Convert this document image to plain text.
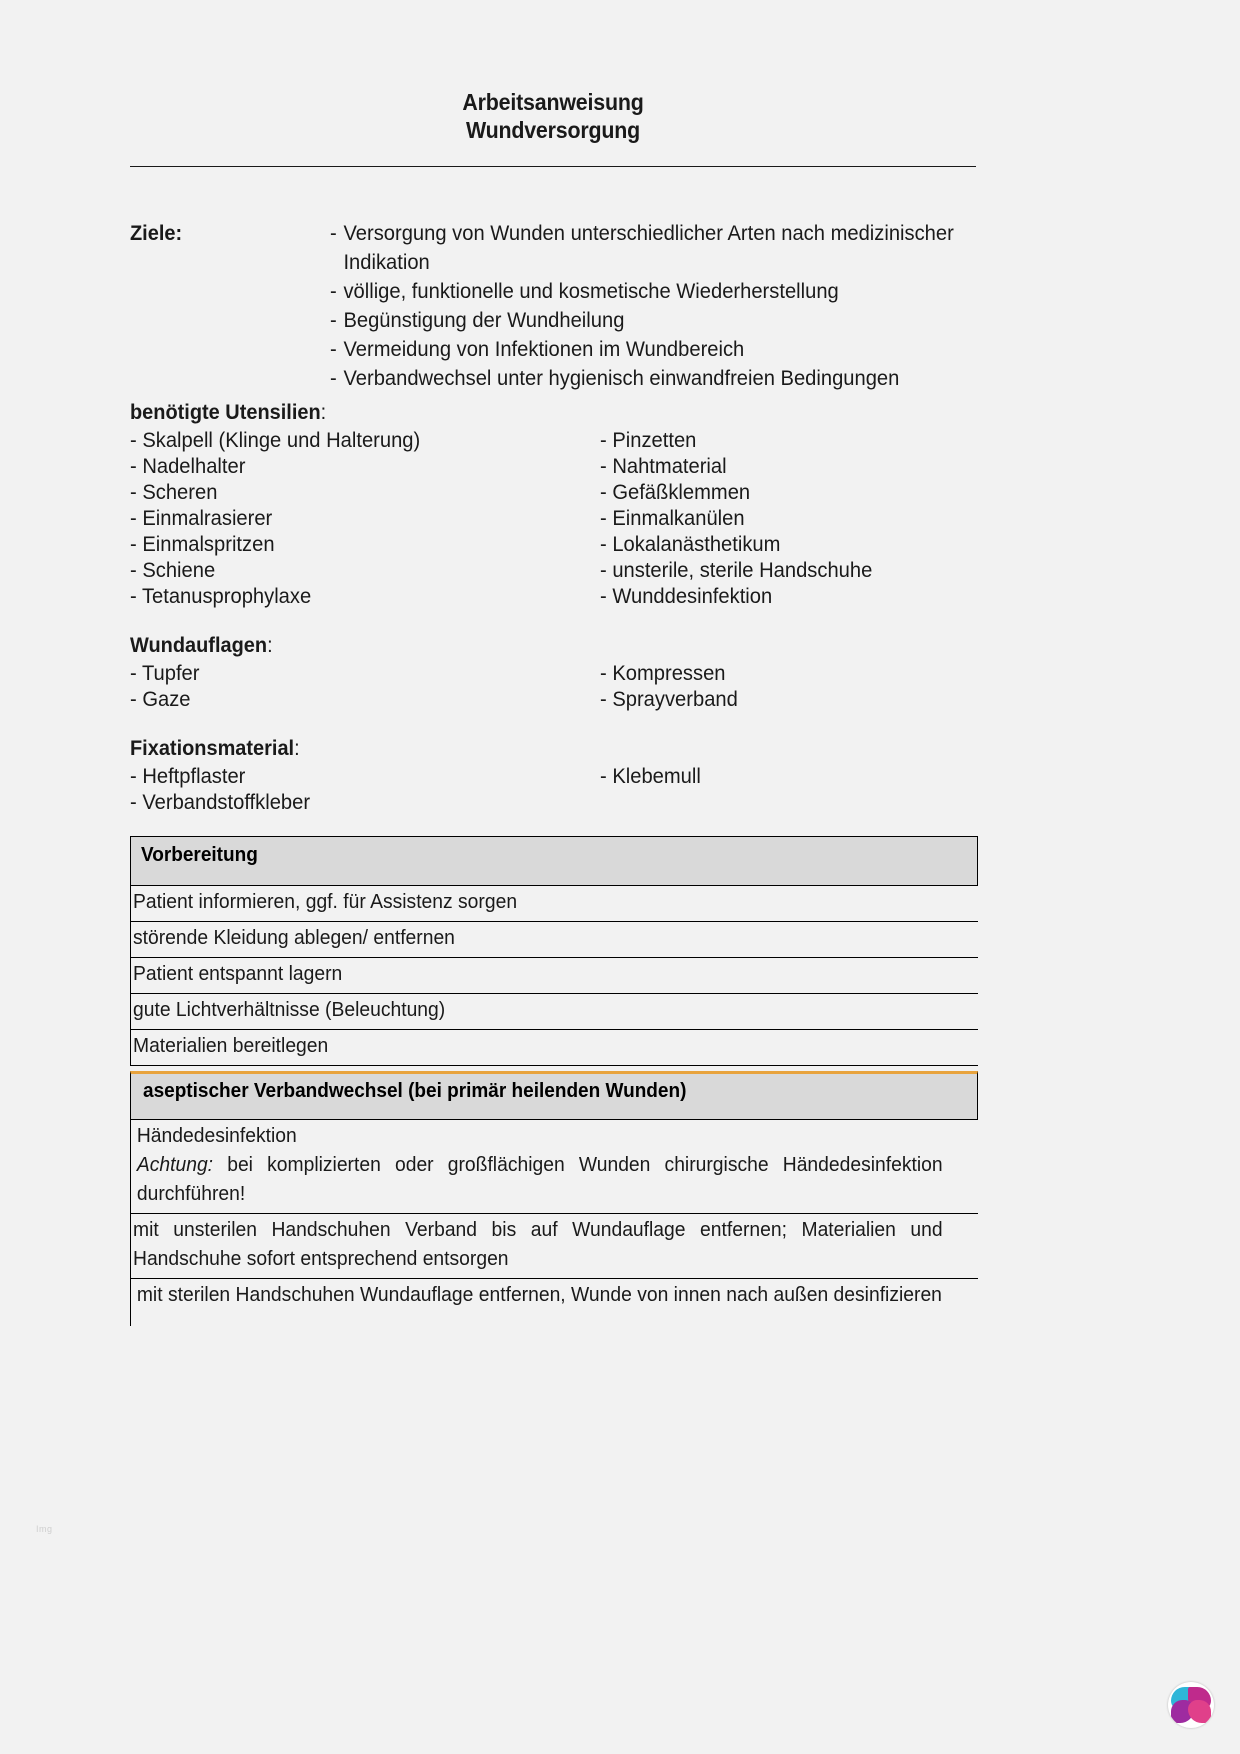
Arbeitsanweisung
Wundversorgung
Ziele:	- Versorgung von Wunden unterschiedlicher Arten nach medizinischer Indikation
- völlige, funktionelle und kosmetische Wiederherstellung
- Begünstigung der Wundheilung
- Vermeidung von Infektionen im Wundbereich
- Verbandwechsel unter hygienisch einwandfreien Bedingungen
benötigte Utensilien:
- Skalpell (Klinge und Halterung)
- Nadelhalter
- Scheren
- Einmalrasierer
- Einmalspritzen
- Schiene
- Tetanusprophylaxe
- Pinzetten
- Nahtmaterial
- Gefäßklemmen
- Einmalkanülen
- Lokalanästhetikum
- unsterile, sterile Handschuhe
- Wunddesinfektion
Wundauflagen:
- Tupfer
- Gaze
- Kompressen
- Sprayverband
Fixationsmaterial:
- Heftpflaster
- Verbandstoffkleber
- Klebemull
Vorbereitung
Patient informieren, ggf. für Assistenz sorgen
störende Kleidung ablegen/ entfernen
Patient entspannt lagern
gute Lichtverhältnisse (Beleuchtung)
Materialien bereitlegen
aseptischer Verbandwechsel (bei primär heilenden Wunden)
Händedesinfektion
Achtung: bei komplizierten oder großflächigen Wunden chirurgische Händedesinfektion durchführen!
mit unsterilen Handschuhen Verband bis auf Wundauflage entfernen; Materialien und Handschuhe sofort entsprechend entsorgen
mit sterilen Handschuhen Wundauflage entfernen, Wunde von innen nach außen desinfizieren
Img
